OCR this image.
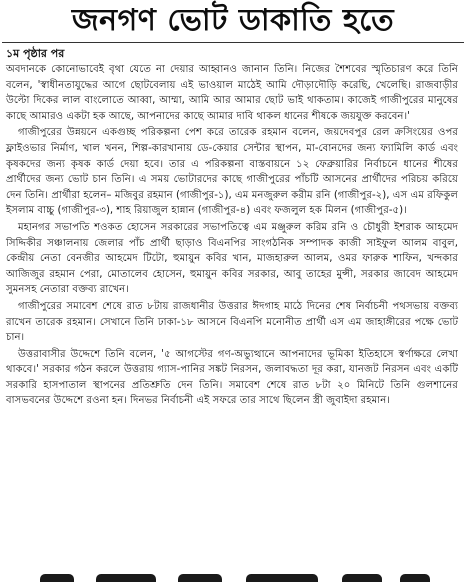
জনগণ ভোট ডাকাতি হতে
১ম পৃষ্ঠার পর

অবদানকে কোনোভাবেই বৃথা যেতে না দেয়ার আহ্বানও জানান তিনি। নিজের শৈশবের স্মৃতিচারণ করে তিনি বলেন, 'স্বাধীনতাযুদ্ধের আগে ছোটবেলায় এই ভাওয়াল মাঠেই আমি দৌড়াদৌড়ি করেছি, খেলেছি। রাজবাড়ীর উল্টো দিকের লাল বাংলোতে আব্বা, আম্মা, আমি আর আমার ছোট ভাই থাকতাম। কাজেই গাজীপুরের মানুষের কাছে আমারও একটা হক আছে, আপনাদের কাছে আমার দাবি থাকল ধানের শীষকে জয়যুক্ত করবেন।'

গাজীপুরের উন্নয়নে একগুচ্ছ পরিকল্পনা পেশ করে তারেক রহমান বলেন, জয়দেবপুর রেল ক্রসিংয়ের ওপর ফ্লাইওভার নির্মাণ, খাল খনন, শিল্প-কারখানায় ডে-কেয়ার সেন্টার স্থাপন, মা-বোনদের জন্য ফ্যামিলি কার্ড এবং কৃষকদের জন্য কৃষক কার্ড দেয়া হবে। তার এ পরিকল্পনা বাস্তবায়নে ১২ ফেব্রুয়ারির নির্বাচনে ধানের শীষের প্রার্থীদের জন্য ভোট চান তিনি। এ সময় ভোটারদের কাছে গাজীপুরের পাঁচটি আসনের প্রার্থীদের পরিচয় করিয়ে দেন তিনি। প্রার্থীরা হলেন– মজিবুর রহমান (গাজীপুর-১), এম মনজুরুল করীম রনি (গাজীপুর-২), এস এম রফিকুল ইসলাম বাচ্চু (গাজীপুর-৩), শাহ রিয়াজুল হান্নান (গাজীপুর-৪) এবং ফজলুল হক মিলন (গাজীপুর-৫)।

মহানগর সভাপতি শওকত হোসেন সরকারের সভাপতিত্বে এম মঞ্জুরুল করিম রনি ও চৌধুরী ইশরাক আহমেদ সিদ্দিকীর সঞ্চালনায় জেলার পাঁচ প্রার্থী ছাড়াও বিএনপির সাংগঠনিক সম্পাদক কাজী সাইফুল আলম বাবুল, কেন্দ্রীয় নেতা বেনজীর আহমেদ টিটো, হুমায়ুন কবির খান, মাজহারুল আলম, ওমর ফারুক শাফিন, খন্দকার আজিজুর রহমান পেরা, মোতালেব হোসেন, হুমায়ুন কবির সরকার, আবু তাহের মুন্সী, সরকার জাবেদ আহমেদ সুমনসহ নেতারা বক্তব্য রাখেন।

গাজীপুরের সমাবেশ শেষে রাত ৮টায় রাজধানীর উত্তরার ঈদগাহ মাঠে দিনের শেষ নির্বাচনী পথসভায় বক্তব্য রাখেন তারেক রহমান। সেখানে তিনি ঢাকা-১৮ আসনে বিএনপি মনোনীত প্রার্থী এস এম জাহাঙ্গীরের পক্ষে ভোট চান।

উত্তরাবাসীর উদ্দেশে তিনি বলেন, '৫ আগস্টের গণ-অভ্যুত্থানে আপনাদের ভূমিকা ইতিহাসে স্বর্ণাক্ষরে লেখা থাকবে।' সরকার গঠন করলে উত্তরায় গ্যাস-পানির সঙ্কট নিরসন, জলাবদ্ধতা দূর করা, যানজট নিরসন এবং একটি সরকারি হাসপাতাল স্থাপনের প্রতিশ্রুতি দেন তিনি। সমাবেশ শেষে রাত ৮টা ২০ মিনিটে তিনি গুলশানের বাসভবনের উদ্দেশে রওনা হন। দিনভর নির্বাচনী এই সফরে তার সাথে ছিলেন স্ত্রী জুবাইদা রহমান।
